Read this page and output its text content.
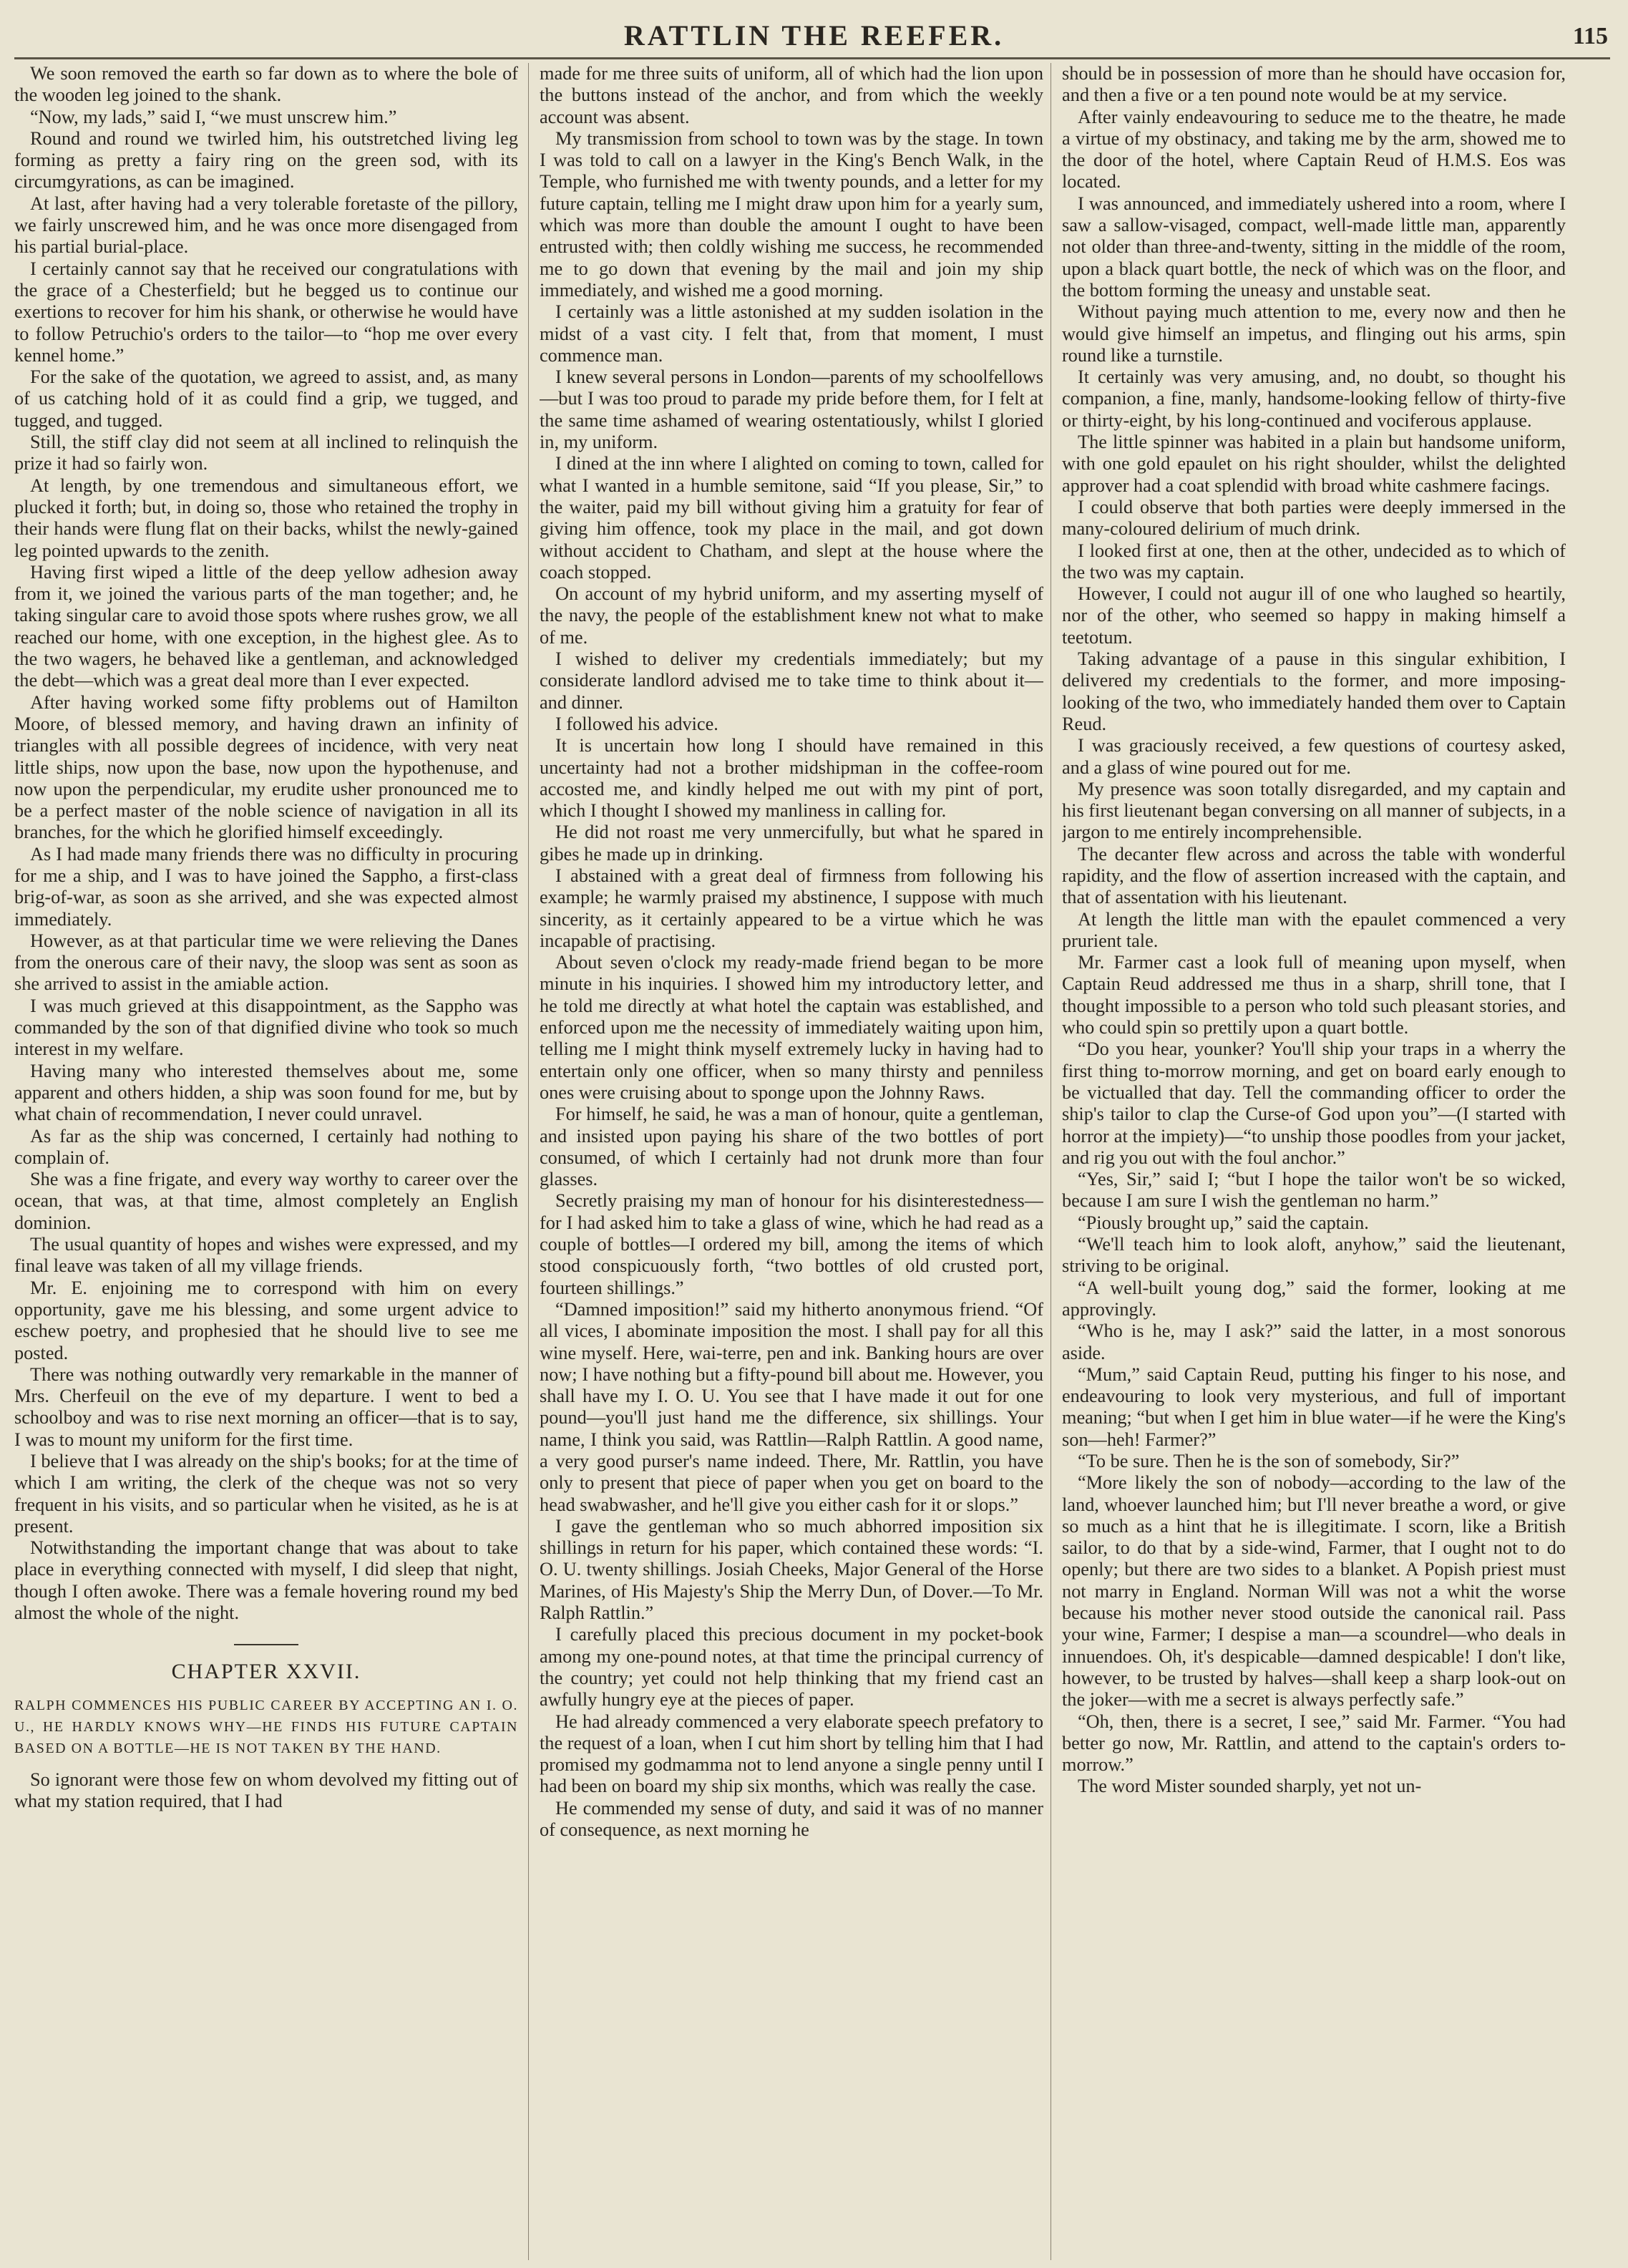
RATTLIN THE REEFER.	115

We soon removed the earth so far down as to where the bole of the wooden leg joined to the shank.

“Now, my lads,” said I, “we must unscrew him.”

Round and round we twirled him, his outstretched living leg forming as pretty a fairy ring on the green sod, with its circumgyrations, as can be imagined.

At last, after having had a very tolerable foretaste of the pillory, we fairly unscrewed him, and he was once more disengaged from his partial burial-place.

I certainly cannot say that he received our congratulations with the grace of a Chesterfield; but he begged us to continue our exertions to recover for him his shank, or otherwise he would have to follow Petruchio's orders to the tailor—to “hop me over every kennel home.”

For the sake of the quotation, we agreed to assist, and, as many of us catching hold of it as could find a grip, we tugged, and tugged, and tugged.

Still, the stiff clay did not seem at all inclined to relinquish the prize it had so fairly won.

At length, by one tremendous and simultaneous effort, we plucked it forth; but, in doing so, those who retained the trophy in their hands were flung flat on their backs, whilst the newly-gained leg pointed upwards to the zenith.

Having first wiped a little of the deep yellow adhesion away from it, we joined the various parts of the man together; and, he taking singular care to avoid those spots where rushes grow, we all reached our home, with one exception, in the highest glee. As to the two wagers, he behaved like a gentleman, and acknowledged the debt—which was a great deal more than I ever expected.

After having worked some fifty problems out of Hamilton Moore, of blessed memory, and having drawn an infinity of triangles with all possible degrees of incidence, with very neat little ships, now upon the base, now upon the hypothenuse, and now upon the perpendicular, my erudite usher pronounced me to be a perfect master of the noble science of navigation in all its branches, for the which he glorified himself exceedingly.

As I had made many friends there was no difficulty in procuring for me a ship, and I was to have joined the Sappho, a first-class brig-of-war, as soon as she arrived, and she was expected almost immediately.

However, as at that particular time we were relieving the Danes from the onerous care of their navy, the sloop was sent as soon as she arrived to assist in the amiable action.

I was much grieved at this disappointment, as the Sappho was commanded by the son of that dignified divine who took so much interest in my welfare.

Having many who interested themselves about me, some apparent and others hidden, a ship was soon found for me, but by what chain of recommendation, I never could unravel.

As far as the ship was concerned, I certainly had nothing to complain of.

She was a fine frigate, and every way worthy to career over the ocean, that was, at that time, almost completely an English dominion.

The usual quantity of hopes and wishes were expressed, and my final leave was taken of all my village friends.

Mr. E. enjoining me to correspond with him on every opportunity, gave me his blessing, and some urgent advice to eschew poetry, and prophesied that he should live to see me posted.

There was nothing outwardly very remarkable in the manner of Mrs. Cherfeuil on the eve of my departure. I went to bed a schoolboy and was to rise next morning an officer—that is to say, I was to mount my uniform for the first time.

I believe that I was already on the ship's books; for at the time of which I am writing, the clerk of the cheque was not so very frequent in his visits, and so particular when he visited, as he is at present.

Notwithstanding the important change that was about to take place in everything connected with myself, I did sleep that night, though I often awoke. There was a female hovering round my bed almost the whole of the night.

CHAPTER XXVII.
RALPH COMMENCES HIS PUBLIC CAREER BY ACCEPTING AN I. O. U., HE HARDLY KNOWS WHY—HE FINDS HIS FUTURE CAPTAIN BASED ON A BOTTLE—HE IS NOT TAKEN BY THE HAND.

So ignorant were those few on whom devolved my fitting out of what my station required, that I had

made for me three suits of uniform, all of which had the lion upon the buttons instead of the anchor, and from which the weekly account was absent.

My transmission from school to town was by the stage. In town I was told to call on a lawyer in the King's Bench Walk, in the Temple, who furnished me with twenty pounds, and a letter for my future captain, telling me I might draw upon him for a yearly sum, which was more than double the amount I ought to have been entrusted with; then coldly wishing me success, he recommended me to go down that evening by the mail and join my ship immediately, and wished me a good morning.

I certainly was a little astonished at my sudden isolation in the midst of a vast city. I felt that, from that moment, I must commence man.

I knew several persons in London—parents of my schoolfellows—but I was too proud to parade my pride before them, for I felt at the same time ashamed of wearing ostentatiously, whilst I gloried in, my uniform.

I dined at the inn where I alighted on coming to town, called for what I wanted in a humble semitone, said “If you please, Sir,” to the waiter, paid my bill without giving him a gratuity for fear of giving him offence, took my place in the mail, and got down without accident to Chatham, and slept at the house where the coach stopped.

On account of my hybrid uniform, and my asserting myself of the navy, the people of the establishment knew not what to make of me.

I wished to deliver my credentials immediately; but my considerate landlord advised me to take time to think about it—and dinner.

I followed his advice.

It is uncertain how long I should have remained in this uncertainty had not a brother midshipman in the coffee-room accosted me, and kindly helped me out with my pint of port, which I thought I showed my manliness in calling for.

He did not roast me very unmercifully, but what he spared in gibes he made up in drinking.

I abstained with a great deal of firmness from following his example; he warmly praised my abstinence, I suppose with much sincerity, as it certainly appeared to be a virtue which he was incapable of practising.

About seven o'clock my ready-made friend began to be more minute in his inquiries. I showed him my introductory letter, and he told me directly at what hotel the captain was established, and enforced upon me the necessity of immediately waiting upon him, telling me I might think myself extremely lucky in having had to entertain only one officer, when so many thirsty and penniless ones were cruising about to sponge upon the Johnny Raws.

For himself, he said, he was a man of honour, quite a gentleman, and insisted upon paying his share of the two bottles of port consumed, of which I certainly had not drunk more than four glasses.

Secretly praising my man of honour for his disinterestedness—for I had asked him to take a glass of wine, which he had read as a couple of bottles—I ordered my bill, among the items of which stood conspicuously forth, “two bottles of old crusted port, fourteen shillings.”

“Damned imposition!” said my hitherto anonymous friend. “Of all vices, I abominate imposition the most. I shall pay for all this wine myself. Here, wai-terre, pen and ink. Banking hours are over now; I have nothing but a fifty-pound bill about me. However, you shall have my I. O. U. You see that I have made it out for one pound—you'll just hand me the difference, six shillings. Your name, I think you said, was Rattlin—Ralph Rattlin. A good name, a very good purser's name indeed. There, Mr. Rattlin, you have only to present that piece of paper when you get on board to the head swabwasher, and he'll give you either cash for it or slops.”

I gave the gentleman who so much abhorred imposition six shillings in return for his paper, which contained these words: “I. O. U. twenty shillings. Josiah Cheeks, Major General of the Horse Marines, of His Majesty's Ship the Merry Dun, of Dover.—To Mr. Ralph Rattlin.”

I carefully placed this precious document in my pocket-book among my one-pound notes, at that time the principal currency of the country; yet could not help thinking that my friend cast an awfully hungry eye at the pieces of paper.

He had already commenced a very elaborate speech prefatory to the request of a loan, when I cut him short by telling him that I had promised my godmamma not to lend anyone a single penny until I had been on board my ship six months, which was really the case.

He commended my sense of duty, and said it was of no manner of consequence, as next morning he

should be in possession of more than he should have occasion for, and then a five or a ten pound note would be at my service.

After vainly endeavouring to seduce me to the theatre, he made a virtue of my obstinacy, and taking me by the arm, showed me to the door of the hotel, where Captain Reud of H.M.S. Eos was located.

I was announced, and immediately ushered into a room, where I saw a sallow-visaged, compact, well-made little man, apparently not older than three-and-twenty, sitting in the middle of the room, upon a black quart bottle, the neck of which was on the floor, and the bottom forming the uneasy and unstable seat.

Without paying much attention to me, every now and then he would give himself an impetus, and flinging out his arms, spin round like a turnstile.

It certainly was very amusing, and, no doubt, so thought his companion, a fine, manly, handsome-looking fellow of thirty-five or thirty-eight, by his long-continued and vociferous applause.

The little spinner was habited in a plain but handsome uniform, with one gold epaulet on his right shoulder, whilst the delighted approver had a coat splendid with broad white cashmere facings.

I could observe that both parties were deeply immersed in the many-coloured delirium of much drink.

I looked first at one, then at the other, undecided as to which of the two was my captain.

However, I could not augur ill of one who laughed so heartily, nor of the other, who seemed so happy in making himself a teetotum.

Taking advantage of a pause in this singular exhibition, I delivered my credentials to the former, and more imposing-looking of the two, who immediately handed them over to Captain Reud.

I was graciously received, a few questions of courtesy asked, and a glass of wine poured out for me.

My presence was soon totally disregarded, and my captain and his first lieutenant began conversing on all manner of subjects, in a jargon to me entirely incomprehensible.

The decanter flew across and across the table with wonderful rapidity, and the flow of assertion increased with the captain, and that of assentation with his lieutenant.

At length the little man with the epaulet commenced a very prurient tale.

Mr. Farmer cast a look full of meaning upon myself, when Captain Reud addressed me thus in a sharp, shrill tone, that I thought impossible to a person who told such pleasant stories, and who could spin so prettily upon a quart bottle.

“Do you hear, younker? You'll ship your traps in a wherry the first thing to-morrow morning, and get on board early enough to be victualled that day. Tell the commanding officer to order the ship's tailor to clap the Curse-of God upon you”—(I started with horror at the impiety)—“to unship those poodles from your jacket, and rig you out with the foul anchor.”

“Yes, Sir,” said I; “but I hope the tailor won't be so wicked, because I am sure I wish the gentleman no harm.”

“Piously brought up,” said the captain.

“We'll teach him to look aloft, anyhow,” said the lieutenant, striving to be original.

“A well-built young dog,” said the former, looking at me approvingly.

“Who is he, may I ask?” said the latter, in a most sonorous aside.

“Mum,” said Captain Reud, putting his finger to his nose, and endeavouring to look very mysterious, and full of important meaning; “but when I get him in blue water—if he were the King's son—heh! Farmer?”

“To be sure. Then he is the son of somebody, Sir?”

“More likely the son of nobody—according to the law of the land, whoever launched him; but I'll never breathe a word, or give so much as a hint that he is illegitimate. I scorn, like a British sailor, to do that by a side-wind, Farmer, that I ought not to do openly; but there are two sides to a blanket. A Popish priest must not marry in England. Norman Will was not a whit the worse because his mother never stood outside the canonical rail. Pass your wine, Farmer; I despise a man—a scoundrel—who deals in innuendoes. Oh, it's despicable—damned despicable! I don't like, however, to be trusted by halves—shall keep a sharp look-out on the joker—with me a secret is always perfectly safe.”

“Oh, then, there is a secret, I see,” said Mr. Farmer. “You had better go now, Mr. Rattlin, and attend to the captain's orders to-morrow.”

The word Mister sounded sharply, yet not un-
